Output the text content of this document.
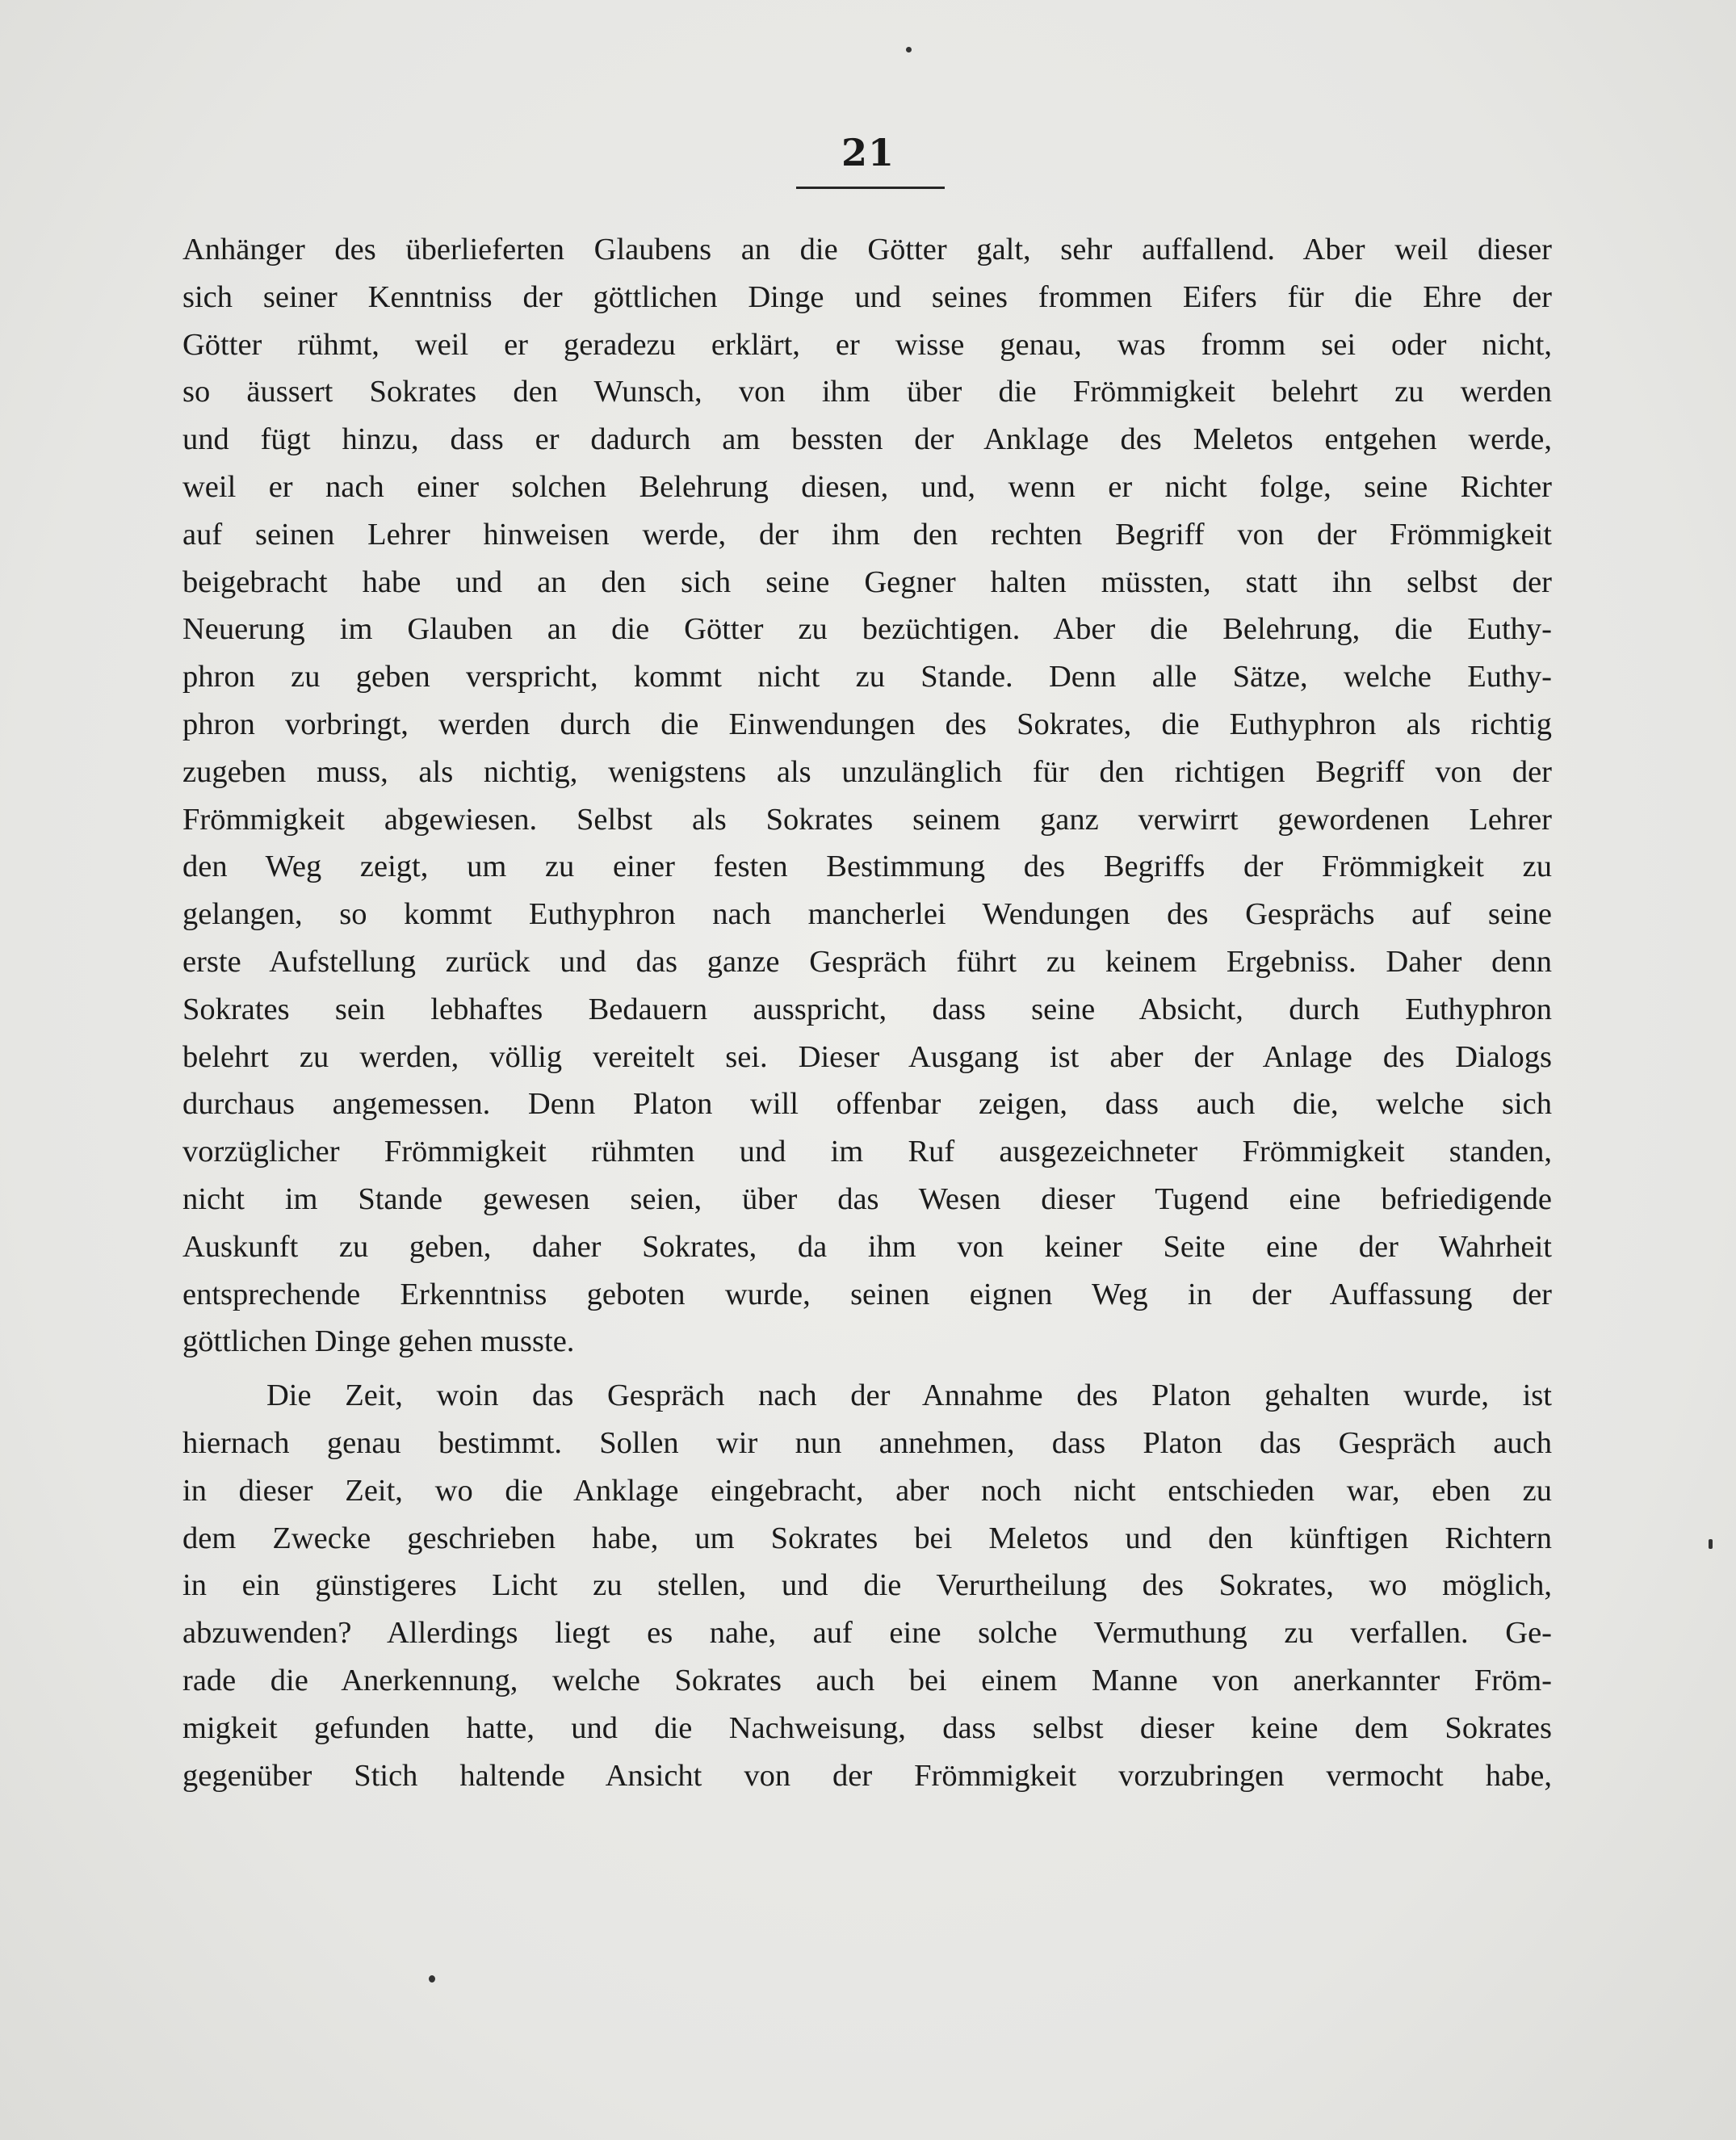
21
Anhänger des überlieferten Glaubens an die Götter galt, sehr auffallend. Aber weil dieser
sich seiner Kenntniss der göttlichen Dinge und seines frommen Eifers für die Ehre der
Götter rühmt, weil er geradezu erklärt, er wisse genau, was fromm sei oder nicht,
so äussert Sokrates den Wunsch, von ihm über die Frömmigkeit belehrt zu werden
und fügt hinzu, dass er dadurch am bessten der Anklage des Meletos entgehen werde,
weil er nach einer solchen Belehrung diesen, und, wenn er nicht folge, seine Richter
auf seinen Lehrer hinweisen werde, der ihm den rechten Begriff von der Frömmigkeit
beigebracht habe und an den sich seine Gegner halten müssten, statt ihn selbst der
Neuerung im Glauben an die Götter zu bezüchtigen. Aber die Belehrung, die Euthy-
phron zu geben verspricht, kommt nicht zu Stande. Denn alle Sätze, welche Euthy-
phron vorbringt, werden durch die Einwendungen des Sokrates, die Euthyphron als richtig
zugeben muss, als nichtig, wenigstens als unzulänglich für den richtigen Begriff von der
Frömmigkeit abgewiesen. Selbst als Sokrates seinem ganz verwirrt gewordenen Lehrer
den Weg zeigt, um zu einer festen Bestimmung des Begriffs der Frömmigkeit zu
gelangen, so kommt Euthyphron nach mancherlei Wendungen des Gesprächs auf seine
erste Aufstellung zurück und das ganze Gespräch führt zu keinem Ergebniss. Daher denn
Sokrates sein lebhaftes Bedauern ausspricht, dass seine Absicht, durch Euthyphron
belehrt zu werden, völlig vereitelt sei. Dieser Ausgang ist aber der Anlage des Dialogs
durchaus angemessen. Denn Platon will offenbar zeigen, dass auch die, welche sich
vorzüglicher Frömmigkeit rühmten und im Ruf ausgezeichneter Frömmigkeit standen,
nicht im Stande gewesen seien, über das Wesen dieser Tugend eine befriedigende
Auskunft zu geben, daher Sokrates, da ihm von keiner Seite eine der Wahrheit
entsprechende Erkenntniss geboten wurde, seinen eignen Weg in der Auffassung der
göttlichen Dinge gehen musste.
Die Zeit, woin das Gespräch nach der Annahme des Platon gehalten wurde, ist
hiernach genau bestimmt. Sollen wir nun annehmen, dass Platon das Gespräch auch
in dieser Zeit, wo die Anklage eingebracht, aber noch nicht entschieden war, eben zu
dem Zwecke geschrieben habe, um Sokrates bei Meletos und den künftigen Richtern
in ein günstigeres Licht zu stellen, und die Verurtheilung des Sokrates, wo möglich,
abzuwenden? Allerdings liegt es nahe, auf eine solche Vermuthung zu verfallen. Ge-
rade die Anerkennung, welche Sokrates auch bei einem Manne von anerkannter Fröm-
migkeit gefunden hatte, und die Nachweisung, dass selbst dieser keine dem Sokrates
gegenüber Stich haltende Ansicht von der Frömmigkeit vorzubringen vermocht habe,
